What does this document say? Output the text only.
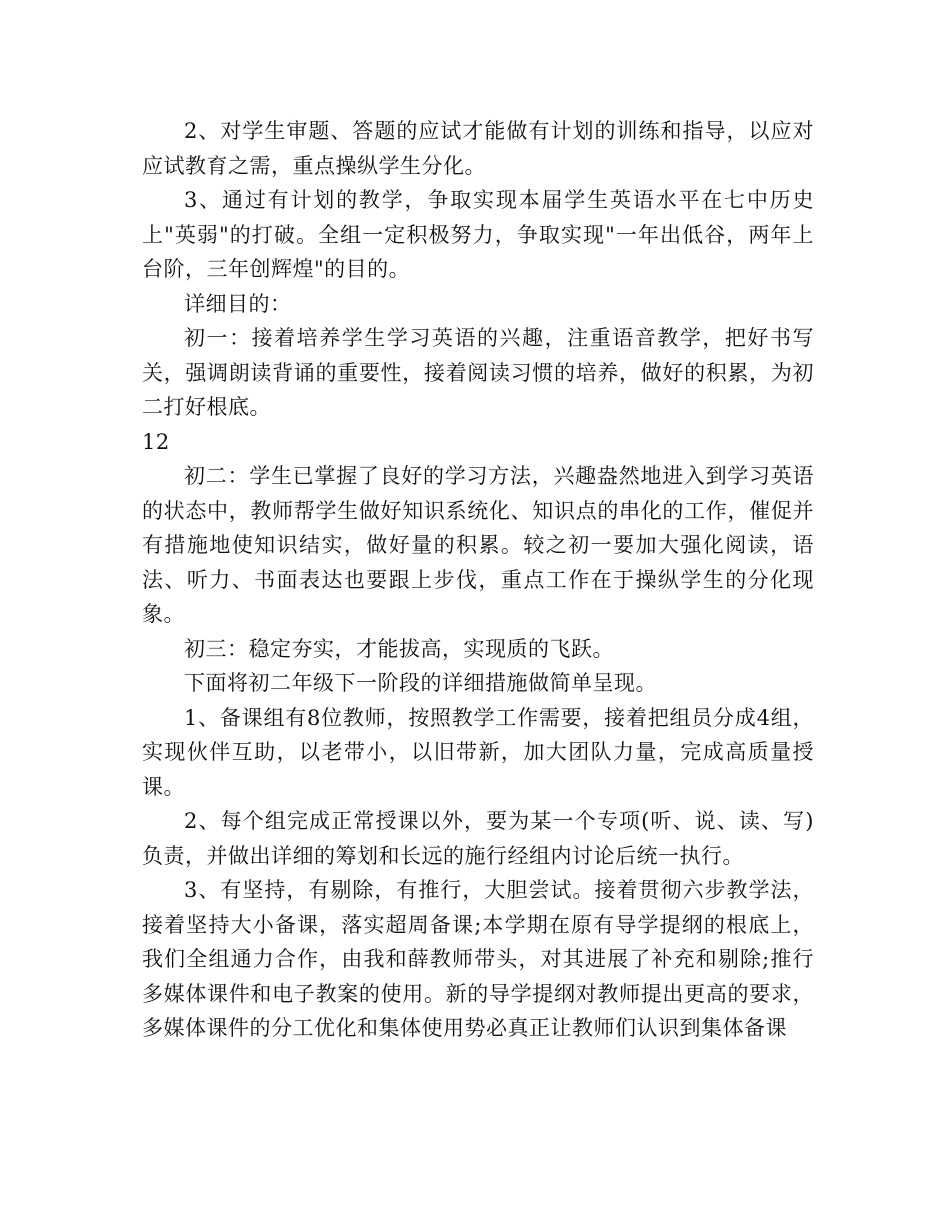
2、对学生审题、答题的应试才能做有计划的训练和指导，以应对应试教育之需，重点操纵学生分化。

3、通过有计划的教学，争取实现本届学生英语水平在七中历史上"英弱"的打破。全组一定积极努力，争取实现"一年出低谷，两年上台阶，三年创辉煌"的目的。

详细目的：

初一：接着培养学生学习英语的兴趣，注重语音教学，把好书写关，强调朗读背诵的重要性，接着阅读习惯的培养，做好的积累，为初二打好根底。

12

初二：学生已掌握了良好的学习方法，兴趣盎然地进入到学习英语的状态中，教师帮学生做好知识系统化、知识点的串化的工作，催促并有措施地使知识结实，做好量的积累。较之初一要加大强化阅读，语法、听力、书面表达也要跟上步伐，重点工作在于操纵学生的分化现象。

初三：稳定夯实，才能拔高，实现质的飞跃。

下面将初二年级下一阶段的详细措施做简单呈现。

1、备课组有8位教师，按照教学工作需要，接着把组员分成4组，实现伙伴互助，以老带小，以旧带新，加大团队力量，完成高质量授课。

2、每个组完成正常授课以外，要为某一个专项(听、说、读、写)负责，并做出详细的筹划和长远的施行经组内讨论后统一执行。

3、有坚持，有剔除，有推行，大胆尝试。接着贯彻六步教学法，接着坚持大小备课，落实超周备课;本学期在原有导学提纲的根底上，我们全组通力合作，由我和薛教师带头，对其进展了补充和剔除;推行多媒体课件和电子教案的使用。新的导学提纲对教师提出更高的要求，多媒体课件的分工优化和集体使用势必真正让教师们认识到集体备课
